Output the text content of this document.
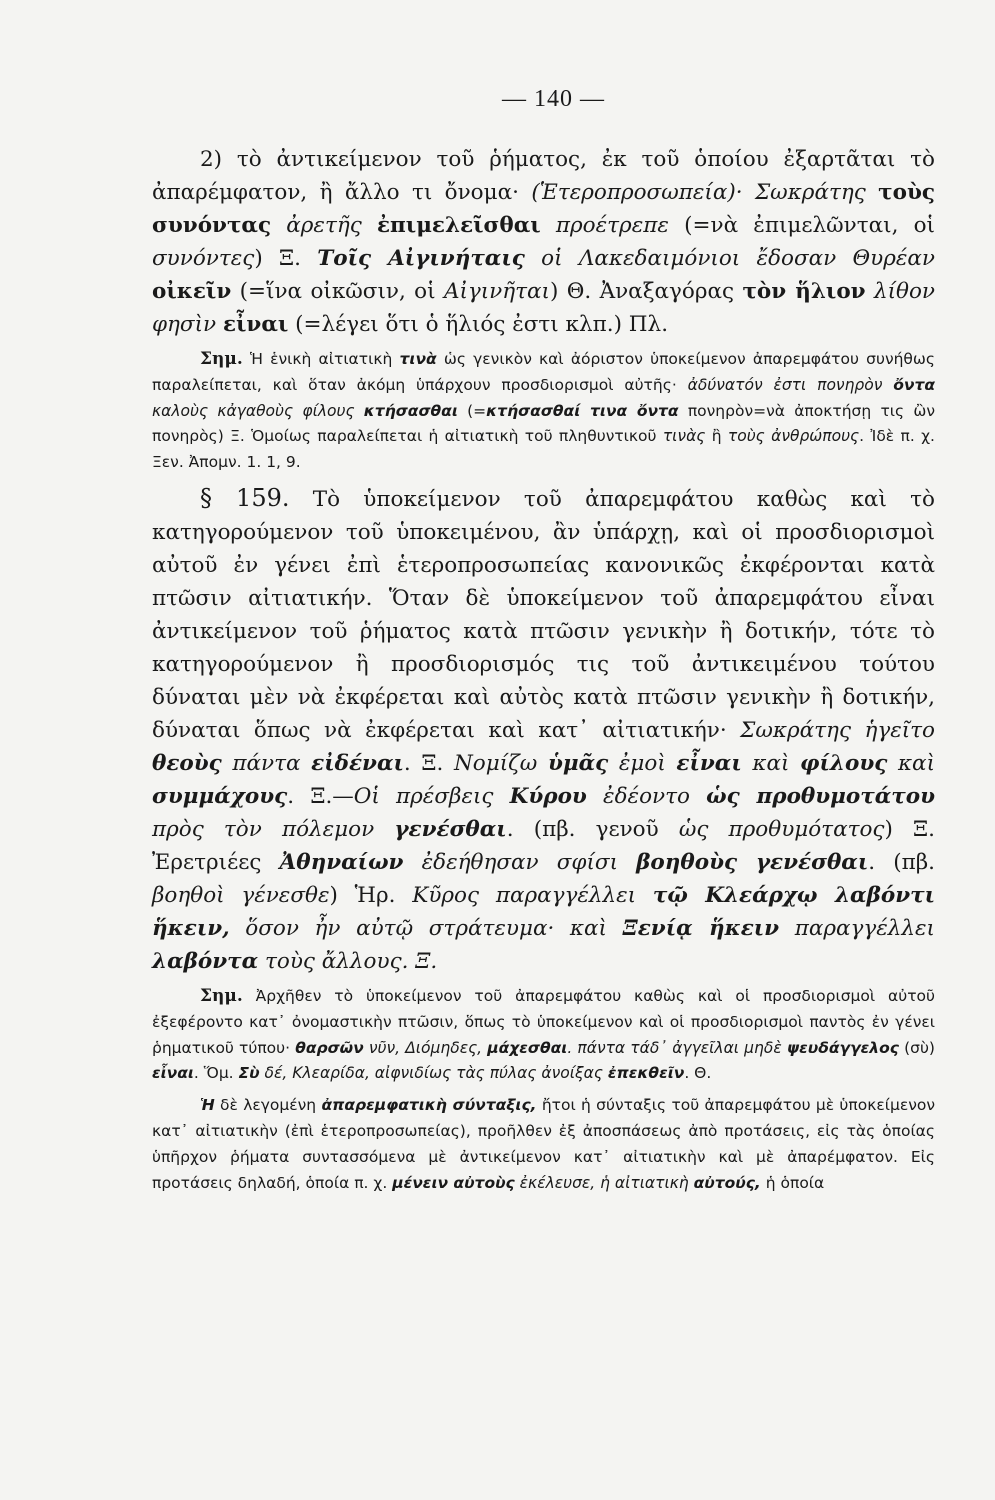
— 140 —

2) τὸ ἀντικείμενον τοῦ ῥήματος, ἐκ τοῦ ὁποίου ἐξαρτᾶται τὸ ἀπαρέμφατον, ἢ ἄλλο τι ὄνομα· (Ἑτεροπροσωπεία)· Σωκράτης τοὺς συνόντας ἀρετῆς ἐπιμελεῖσθαι προέτρεπε (=νὰ ἐπιμελῶνται, οἱ συνόντες) Ξ. Τοῖς Αἰγινήταις οἱ Λακεδαιμόνιοι ἔδοσαν Θυρέαν οἰκεῖν (=ἵνα οἰκῶσιν, οἱ Αἰγινῆται) Θ. Ἀναξαγόρας τὸν ἥλιον λίθον φησὶν εἶναι (=λέγει ὅτι ὁ ἥλιός ἐστι κλπ.) Πλ.

Σημ. Ἡ ἑνικὴ αἰτιατικὴ τινὰ ὡς γενικὸν καὶ ἀόριστον ὑποκείμενον ἀπαρεμφάτου συνήθως παραλείπεται, καὶ ὅταν ἀκόμη ὑπάρχουν προσδιορισμοὶ αὐτῆς· ἀδύνατόν ἐστι πονηρὸν ὄντα καλοὺς κἀγαθοὺς φίλους κτήσασθαι (=κτήσασθαί τινα ὄντα πονηρὸν=νὰ ἀποκτήσῃ τις ὢν πονηρὸς) Ξ. Ὁμοίως παραλείπεται ἡ αἰτιατικὴ τοῦ πληθυντικοῦ τινὰς ἢ τοὺς ἀνθρώπους. Ἰδὲ π. χ. Ξεν. Ἀπομν. 1. 1, 9.

§ 159. Τὸ ὑποκείμενον τοῦ ἀπαρεμφάτου καθὼς καὶ τὸ κατηγορούμενον τοῦ ὑποκειμένου, ἂν ὑπάρχῃ, καὶ οἱ προσδιορισμοὶ αὐτοῦ ἐν γένει ἐπὶ ἑτεροπροσωπείας κανονικῶς ἐκφέρονται κατὰ πτῶσιν αἰτιατικήν. Ὅταν δὲ ὑποκείμενον τοῦ ἀπαρεμφάτου εἶναι ἀντικείμενον τοῦ ῥήματος κατὰ πτῶσιν γενικὴν ἢ δοτικήν, τότε τὸ κατηγορούμενον ἢ προσδιορισμός τις τοῦ ἀντικειμένου τούτου δύναται μὲν νὰ ἐκφέρεται καὶ αὐτὸς κατὰ πτῶσιν γενικὴν ἢ δοτικήν, δύναται ὅπως νὰ ἐκφέρεται καὶ κατ᾽ αἰτιατικήν· Σωκράτης ἡγεῖτο θεοὺς πάντα εἰδέναι. Ξ. Νομίζω ὑμᾶς ἐμοὶ εἶναι καὶ φίλους καὶ συμμάχους. Ξ.—Οἱ πρέσβεις Κύρου ἐδέοντο ὡς προθυμοτάτου πρὸς τὸν πόλεμον γενέσθαι. (πβ. γενοῦ ὡς προθυμότατος) Ξ. Ἐρετριέες Ἀθηναίων ἐδεήθησαν σφίσι βοηθοὺς γενέσθαι. (πβ. βοηθοὶ γένεσθε) Ἡρ. Κῦρος παραγγέλλει τῷ Κλεάρχῳ λαβόντι ἥκειν, ὅσον ἦν αὐτῷ στράτευμα· καὶ Ξενίᾳ ἥκειν παραγγέλλει λαβόντα τοὺς ἄλλους. Ξ.

Σημ. Ἀρχῆθεν τὸ ὑποκείμενον τοῦ ἀπαρεμφάτου καθὼς καὶ οἱ προσδιορισμοὶ αὐτοῦ ἐξεφέροντο κατ᾽ ὀνομαστικὴν πτῶσιν, ὅπως τὸ ὑποκείμενον καὶ οἱ προσδιορισμοὶ παντὸς ἐν γένει ῥηματικοῦ τύπου· θαρσῶν νῦν, Διόμηδες, μάχεσθαι. πάντα τάδ᾽ ἀγγεῖλαι μηδὲ ψευδάγγελος (σὺ) εἶναι. Ὅμ. Σὺ δέ, Κλεαρίδα, αἰφνιδίως τὰς πύλας ἀνοίξας ἐπεκθεῖν. Θ.

Ἡ δὲ λεγομένη ἀπαρεμφατικὴ σύνταξις, ἤτοι ἡ σύνταξις τοῦ ἀπαρεμφάτου μὲ ὑποκείμενον κατ᾽ αἰτιατικὴν (ἐπὶ ἑτεροπροσωπείας), προῆλθεν ἐξ ἀποσπάσεως ἀπὸ προτάσεις, εἰς τὰς ὁποίας ὑπῆρχον ῥήματα συντασσόμενα μὲ ἀντικείμενον κατ᾽ αἰτιατικὴν καὶ μὲ ἀπαρέμφατον. Εἰς προτάσεις δηλαδή, ὁποία π. χ. μένειν αὐτοὺς ἐκέλευσε, ἡ αἰτιατικὴ αὐτούς, ἡ ὁποία
